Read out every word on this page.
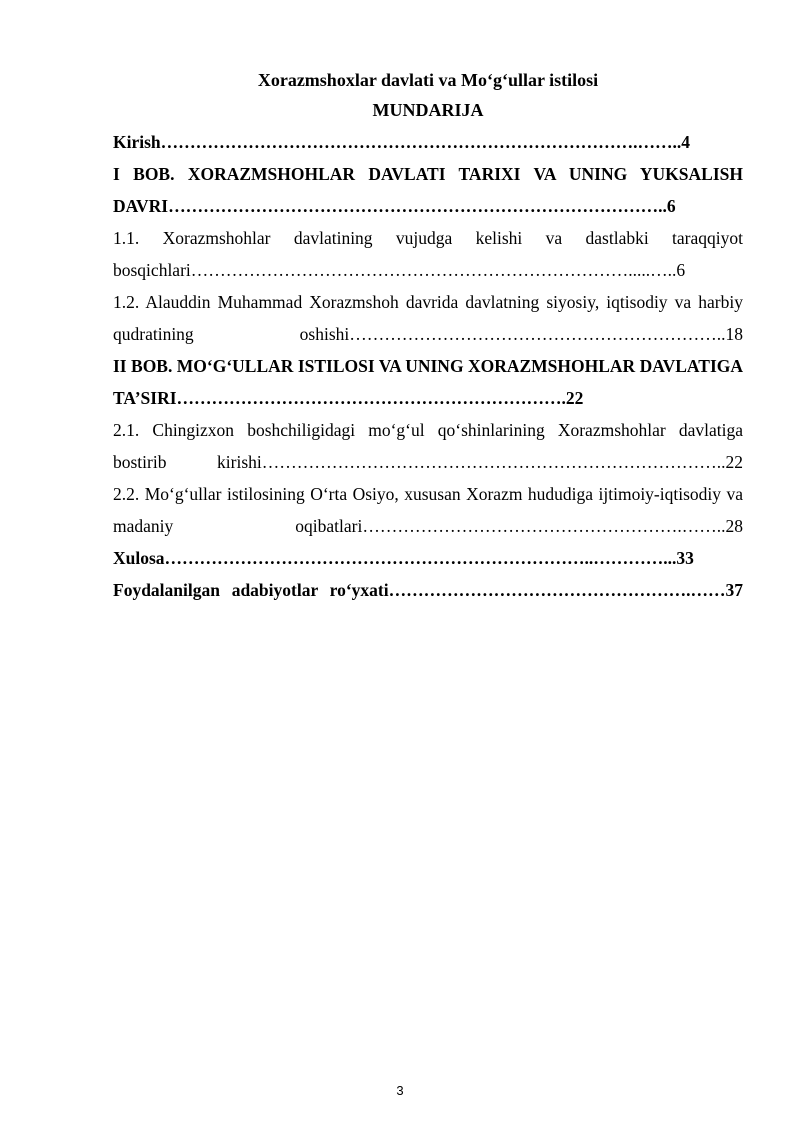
Xorazmshoxlar davlati va Mo‘g‘ullar istilosi
MUNDARIJA

Kirish……………………………………………………………………….……..4

I BOB. XORAZMSHOHLAR DAVLATI TARIXI VA UNING YUKSALISH DAVRI…………………………………………………………………………..6

1.1. Xorazmshohlar davlatining vujudga kelishi va dastlabki taraqqiyot bosqichlari………………………………………………………………….....…..6

1.2. Alauddin Muhammad Xorazmshoh davrida davlatning siyosiy, iqtisodiy va harbiy qudratining oshishi………………………………………………………..18

II BOB. MO‘G‘ULLAR ISTILOSI VA UNING XORAZMSHOHLAR DAVLATIGA TA’SIRI………………………………………………………….22

2.1. Chingizxon boshchiligidagi mo‘g‘ul qo‘shinlarining Xorazmshohlar davlatiga bostirib kirishi……………………………………………………………………..22

2.2. Mo‘g‘ullar istilosining O‘rta Osiyo, xususan Xorazm hududiga ijtimoiy-iqtisodiy va madaniy oqibatlari……………………………………………….……..28

Xulosa………………………………………………………………..…………...33

Foydalanilgan adabiyotlar ro‘yxati…………………………………………….……37

3
